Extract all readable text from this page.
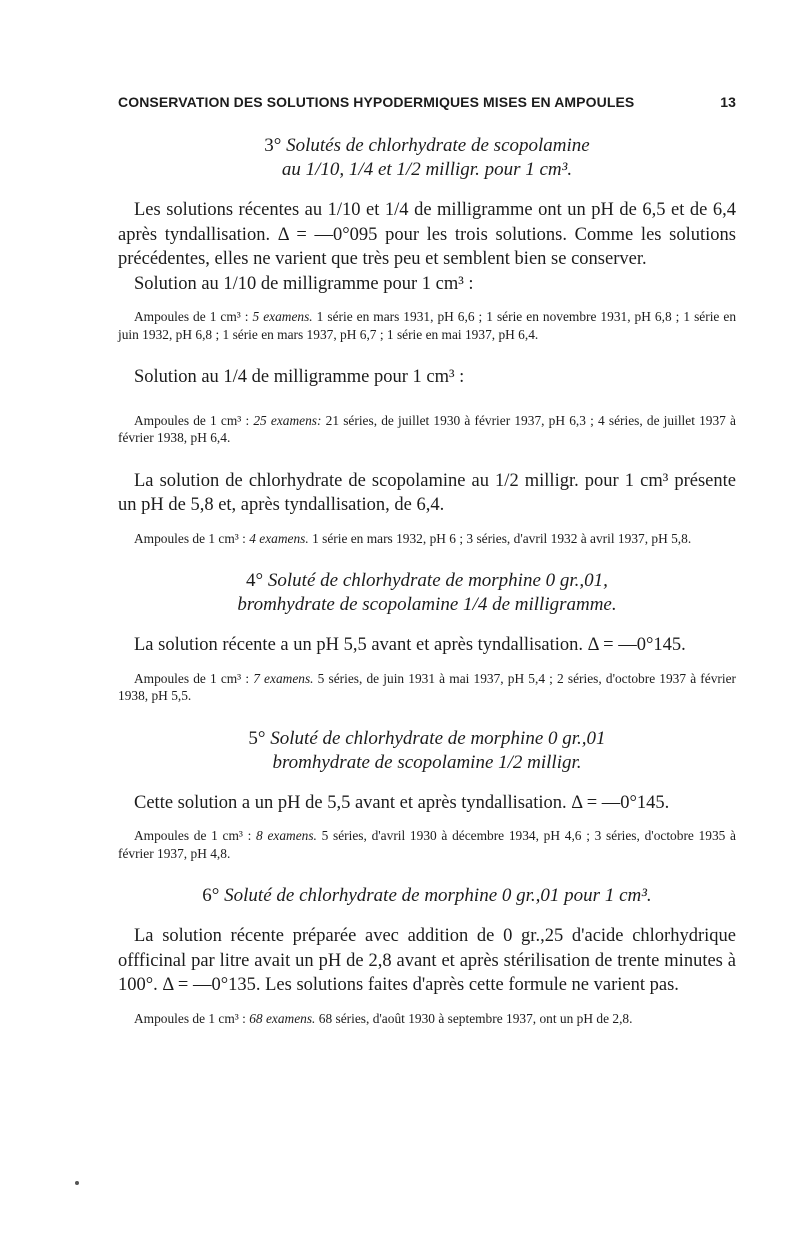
CONSERVATION DES SOLUTIONS HYPODERMIQUES MISES EN AMPOULES	13

3° Solutés de chlorhydrate de scopolamine
au 1/10, 1/4 et 1/2 milligr. pour 1 cm³.

Les solutions récentes au 1/10 et 1/4 de milligramme ont un pH de 6,5 et de 6,4 après tyndallisation. Δ = —0°095 pour les trois solutions. Comme les solutions précédentes, elles ne varient que très peu et semblent bien se conserver.

Solution au 1/10 de milligramme pour 1 cm³ :

Ampoules de 1 cm³ : 5 examens. 1 série en mars 1931, pH 6,6 ; 1 série en novembre 1931, pH 6,8 ; 1 série en juin 1932, pH 6,8 ; 1 série en mars 1937, pH 6,7 ; 1 série en mai 1937, pH 6,4.

Solution au 1/4 de milligramme pour 1 cm³ :

Ampoules de 1 cm³ : 25 examens: 21 séries, de juillet 1930 à février 1937, pH 6,3 ; 4 séries, de juillet 1937 à février 1938, pH 6,4.

La solution de chlorhydrate de scopolamine au 1/2 milligr. pour 1 cm³ présente un pH de 5,8 et, après tyndallisation, de 6,4.

Ampoules de 1 cm³ : 4 examens. 1 série en mars 1932, pH 6 ; 3 séries, d'avril 1932 à avril 1937, pH 5,8.

4° Soluté de chlorhydrate de morphine 0 gr.,01,
bromhydrate de scopolamine 1/4 de milligramme.

La solution récente a un pH 5,5 avant et après tyndallisation. Δ = —0°145.

Ampoules de 1 cm³ : 7 examens. 5 séries, de juin 1931 à mai 1937, pH 5,4 ; 2 séries, d'octobre 1937 à février 1938, pH 5,5.

5° Soluté de chlorhydrate de morphine 0 gr.,01
bromhydrate de scopolamine 1/2 milligr.

Cette solution a un pH de 5,5 avant et après tyndallisation. Δ = —0°145.

Ampoules de 1 cm³ : 8 examens. 5 séries, d'avril 1930 à décembre 1934, pH 4,6 ; 3 séries, d'octobre 1935 à février 1937, pH 4,8.

6° Soluté de chlorhydrate de morphine 0 gr.,01 pour 1 cm³.

La solution récente préparée avec addition de 0 gr.,25 d'acide chlorhydrique offficinal par litre avait un pH de 2,8 avant et après stérilisation de trente minutes à 100°. Δ = —0°135. Les solutions faites d'après cette formule ne varient pas.

Ampoules de 1 cm³ : 68 examens. 68 séries, d'août 1930 à septembre 1937, ont un pH de 2,8.
